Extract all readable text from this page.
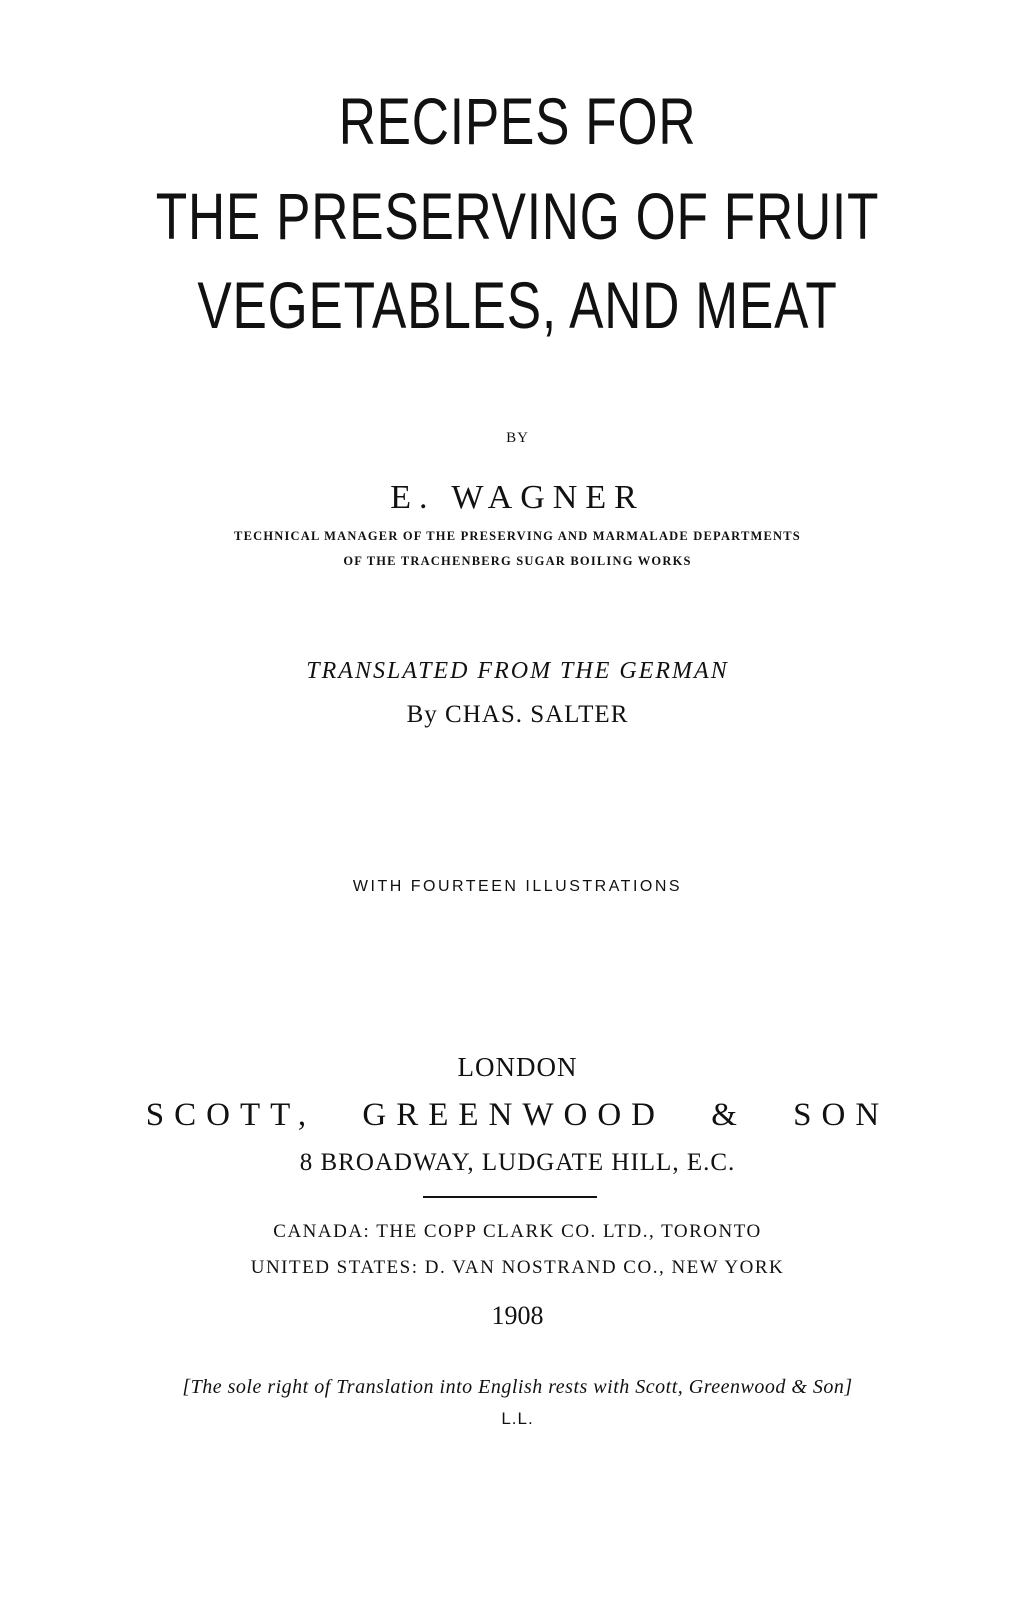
RECIPES FOR
THE PRESERVING OF FRUIT
VEGETABLES, AND MEAT
BY
E. WAGNER
TECHNICAL MANAGER OF THE PRESERVING AND MARMALADE DEPARTMENTS
OF THE TRACHENBERG SUGAR BOILING WORKS
TRANSLATED FROM THE GERMAN
By CHAS. SALTER
WITH FOURTEEN ILLUSTRATIONS
LONDON
SCOTT, GREENWOOD & SON
8 BROADWAY, LUDGATE HILL, E.C.
CANADA: THE COPP CLARK CO. LTD., TORONTO
UNITED STATES: D. VAN NOSTRAND CO., NEW YORK
1908
[The sole right of Translation into English rests with Scott, Greenwood & Son]
L.L.
